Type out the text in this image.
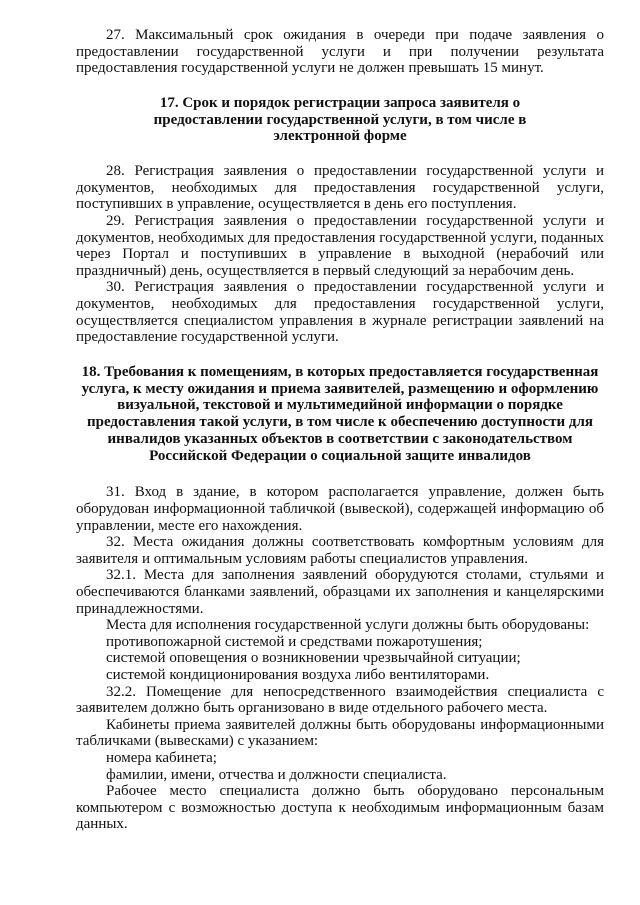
27. Максимальный срок ожидания в очереди при подаче заявления о предоставлении государственной услуги и при получении результата предоставления государственной услуги не должен превышать 15 минут.

17. Срок и порядок регистрации запроса заявителя о предоставлении государственной услуги, в том числе в электронной форме

28. Регистрация заявления о предоставлении государственной услуги и документов, необходимых для предоставления государственной услуги, поступивших в управление, осуществляется в день его поступления.

29. Регистрация заявления о предоставлении государственной услуги и документов, необходимых для предоставления государственной услуги, поданных через Портал и поступивших в управление в выходной (нерабочий или праздничный) день, осуществляется в первый следующий за нерабочим день.

30. Регистрация заявления о предоставлении государственной услуги и документов, необходимых для предоставления государственной услуги, осуществляется специалистом управления в журнале регистрации заявлений на предоставление государственной услуги.

18. Требования к помещениям, в которых предоставляется государственная услуга, к месту ожидания и приема заявителей, размещению и оформлению визуальной, текстовой и мультимедийной информации о порядке предоставления такой услуги, в том числе к обеспечению доступности для инвалидов указанных объектов в соответствии с законодательством Российской Федерации о социальной защите инвалидов

31. Вход в здание, в котором располагается управление, должен быть оборудован информационной табличкой (вывеской), содержащей информацию об управлении, месте его нахождения.

32. Места ожидания должны соответствовать комфортным условиям для заявителя и оптимальным условиям работы специалистов управления.

32.1. Места для заполнения заявлений оборудуются столами, стульями и обеспечиваются бланками заявлений, образцами их заполнения и канцелярскими принадлежностями.

Места для исполнения государственной услуги должны быть оборудованы:

противопожарной системой и средствами пожаротушения;

системой оповещения о возникновении чрезвычайной ситуации;

системой кондиционирования воздуха либо вентиляторами.

32.2. Помещение для непосредственного взаимодействия специалиста с заявителем должно быть организовано в виде отдельного рабочего места.

Кабинеты приема заявителей должны быть оборудованы информационными табличками (вывесками) с указанием:

номера кабинета;

фамилии, имени, отчества и должности специалиста.

Рабочее место специалиста должно быть оборудовано персональным компьютером с возможностью доступа к необходимым информационным базам данных.
